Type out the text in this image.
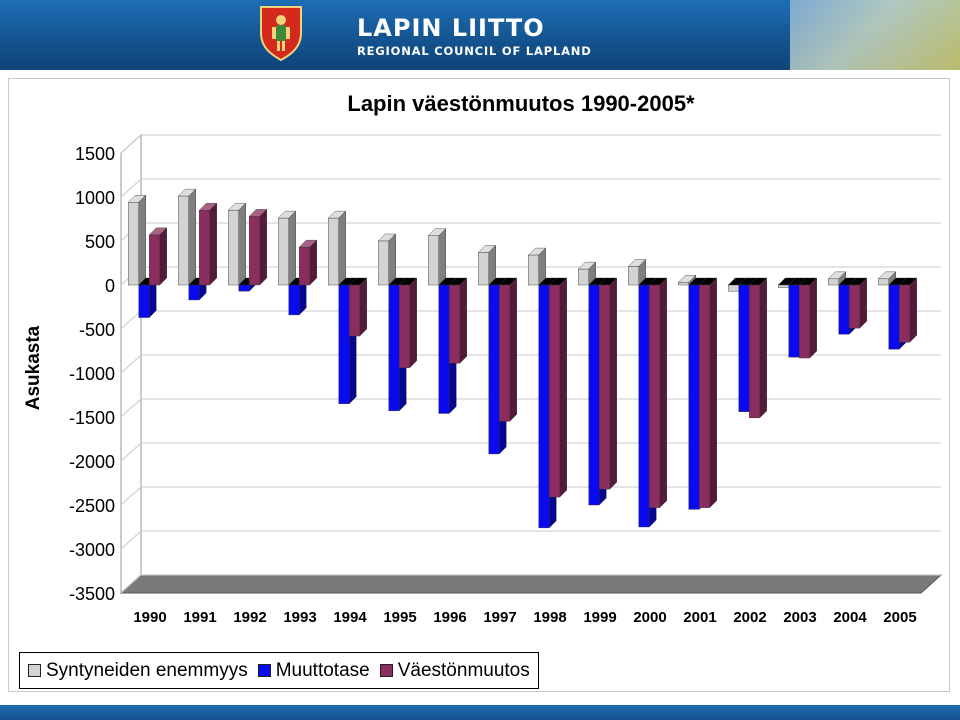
LAPIN LIITTO
REGIONAL COUNCIL OF LAPLAND
Lapin väestönmuutos 1990-2005*
Asukasta
1500
1000
500
0
-500
-1000
-1500
-2000
-2500
-3000
-3500
1990 1991 1992 1993 1994 1995 1996 1997 1998 1999 2000 2001 2002 2003 2004 2005
Syntyneiden enemmyys Muuttotase Väestönmuutos
